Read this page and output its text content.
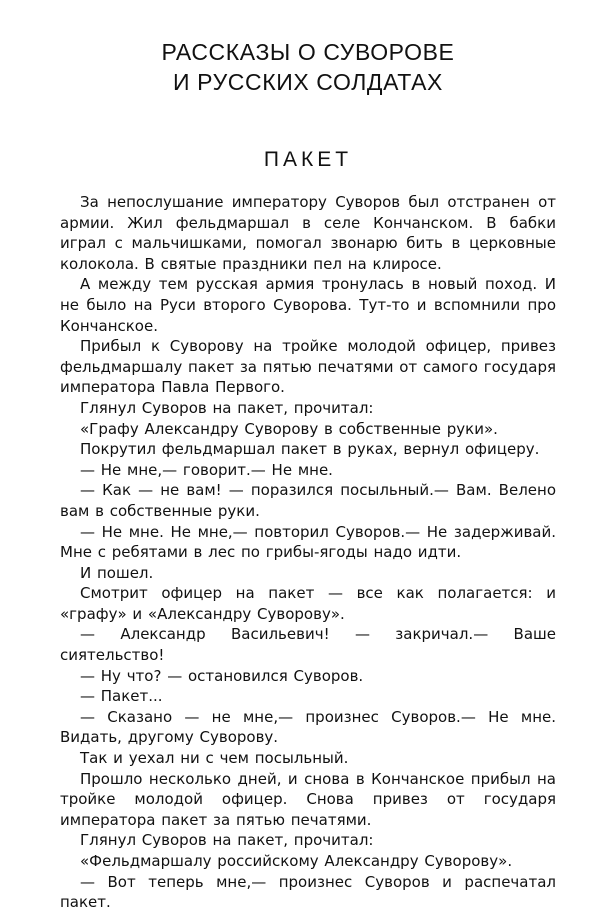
РАССКАЗЫ О СУВОРОВЕ
И РУССКИХ СОЛДАТАХ
ПАКЕТ

За непослушание императору Суворов был отстранен от армии. Жил фельдмаршал в селе Кончанском. В бабки играл с мальчишками, помогал звонарю бить в церковные колокола. В святые праздники пел на клиросе.

А между тем русская армия тронулась в новый поход. И не было на Руси второго Суворова. Тут-то и вспомнили про Кончанское.

Прибыл к Суворову на тройке молодой офицер, привез фельдмаршалу пакет за пятью печатями от самого государя императора Павла Первого.

Глянул Суворов на пакет, прочитал:

«Графу Александру Суворову в собственные руки».

Покрутил фельдмаршал пакет в руках, вернул офицеру.

— Не мне,— говорит.— Не мне.

— Как — не вам! — поразился посыльный.— Вам. Велено вам в собственные руки.

— Не мне. Не мне,— повторил Суворов.— Не задерживай. Мне с ребятами в лес по грибы-ягоды надо идти.

И пошел.

Смотрит офицер на пакет — все как полагается: и «графу» и «Александру Суворову».

— Александр Васильевич! — закричал.— Ваше сиятельство!

— Ну что? — остановился Суворов.

— Пакет...

— Сказано — не мне,— произнес Суворов.— Не мне. Видать, другому Суворову.

Так и уехал ни с чем посыльный.

Прошло несколько дней, и снова в Кончанское прибыл на тройке молодой офицер. Снова привез от государя императора пакет за пятью печатями.

Глянул Суворов на пакет, прочитал:

«Фельдмаршалу российскому Александру Суворову».

— Вот теперь мне,— произнес Суворов и распечатал пакет.
